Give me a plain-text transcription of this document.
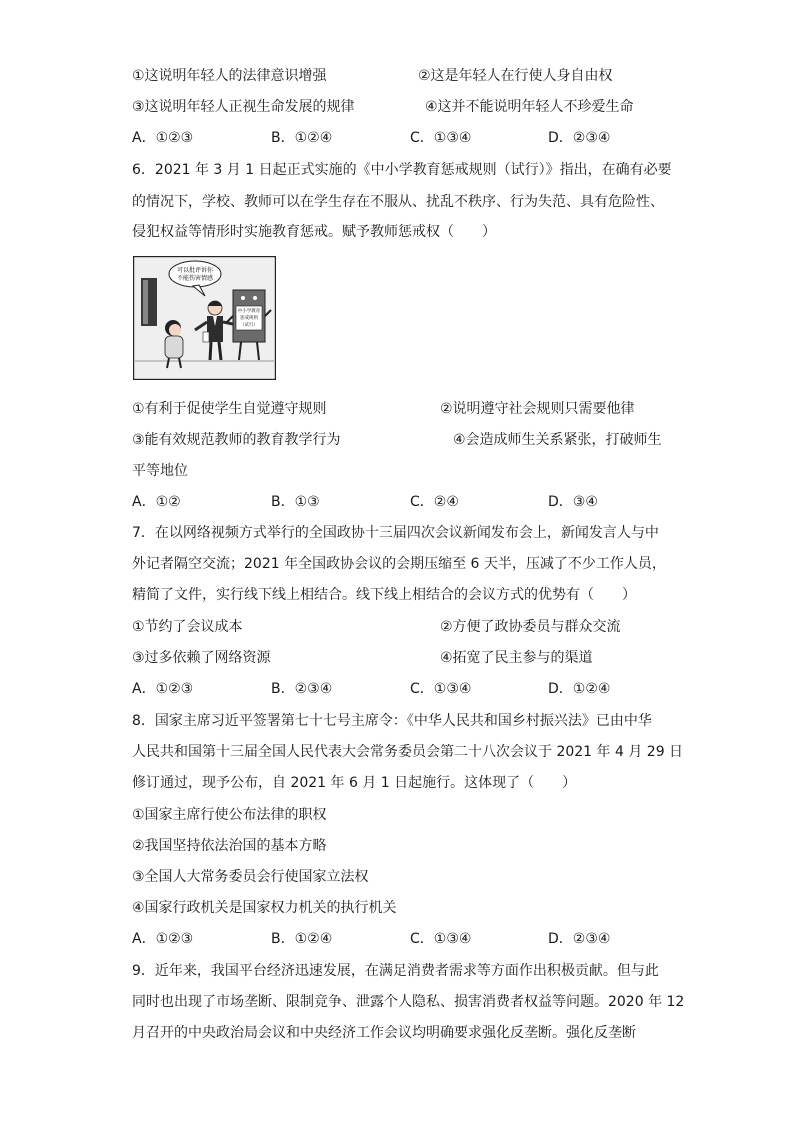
①这说明年轻人的法律意识增强	②这是年轻人在行使人身自由权
③这说明年轻人正视生命发展的规律	④这并不能说明年轻人不珍爱生命
A．①②③	B．①②④	C．①③④	D．②③④
6．2021 年 3 月 1 日起正式实施的《中小学教育惩戒规则（试行）》指出，在确有必要
的情况下，学校、教师可以在学生存在不服从、扰乱不秩序、行为失范、具有危险性、
侵犯权益等情形时实施教育惩戒。赋予教师惩戒权（　　）
可以批评诉你
不能伤害情感
中小学教育
惩戒规则
（试行）
①有利于促使学生自觉遵守规则	②说明遵守社会规则只需要他律
③能有效规范教师的教育教学行为	④会造成师生关系紧张，打破师生
平等地位
A．①②	B．①③	C．②④	D．③④
7．在以网络视频方式举行的全国政协十三届四次会议新闻发布会上，新闻发言人与中
外记者隔空交流；2021 年全国政协会议的会期压缩至 6 天半，压减了不少工作人员，
精简了文件，实行线下线上相结合。线下线上相结合的会议方式的优势有（　　）
①节约了会议成本	②方便了政协委员与群众交流
③过多依赖了网络资源	④拓宽了民主参与的渠道
A．①②③	B．②③④	C．①③④	D．①②④
8．国家主席习近平签署第七十七号主席令：《中华人民共和国乡村振兴法》已由中华
人民共和国第十三届全国人民代表大会常务委员会第二十八次会议于 2021 年 4 月 29 日
修订通过，现予公布，自 2021 年 6 月 1 日起施行。这体现了（　　）
①国家主席行使公布法律的职权
②我国坚持依法治国的基本方略
③全国人大常务委员会行使国家立法权
④国家行政机关是国家权力机关的执行机关
A．①②③	B．①②④	C．①③④	D．②③④
9．近年来，我国平台经济迅速发展，在满足消费者需求等方面作出积极贡献。但与此
同时也出现了市场垄断、限制竞争、泄露个人隐私、损害消费者权益等问题。2020 年 12
月召开的中央政治局会议和中央经济工作会议均明确要求强化反垄断。强化反垄断
